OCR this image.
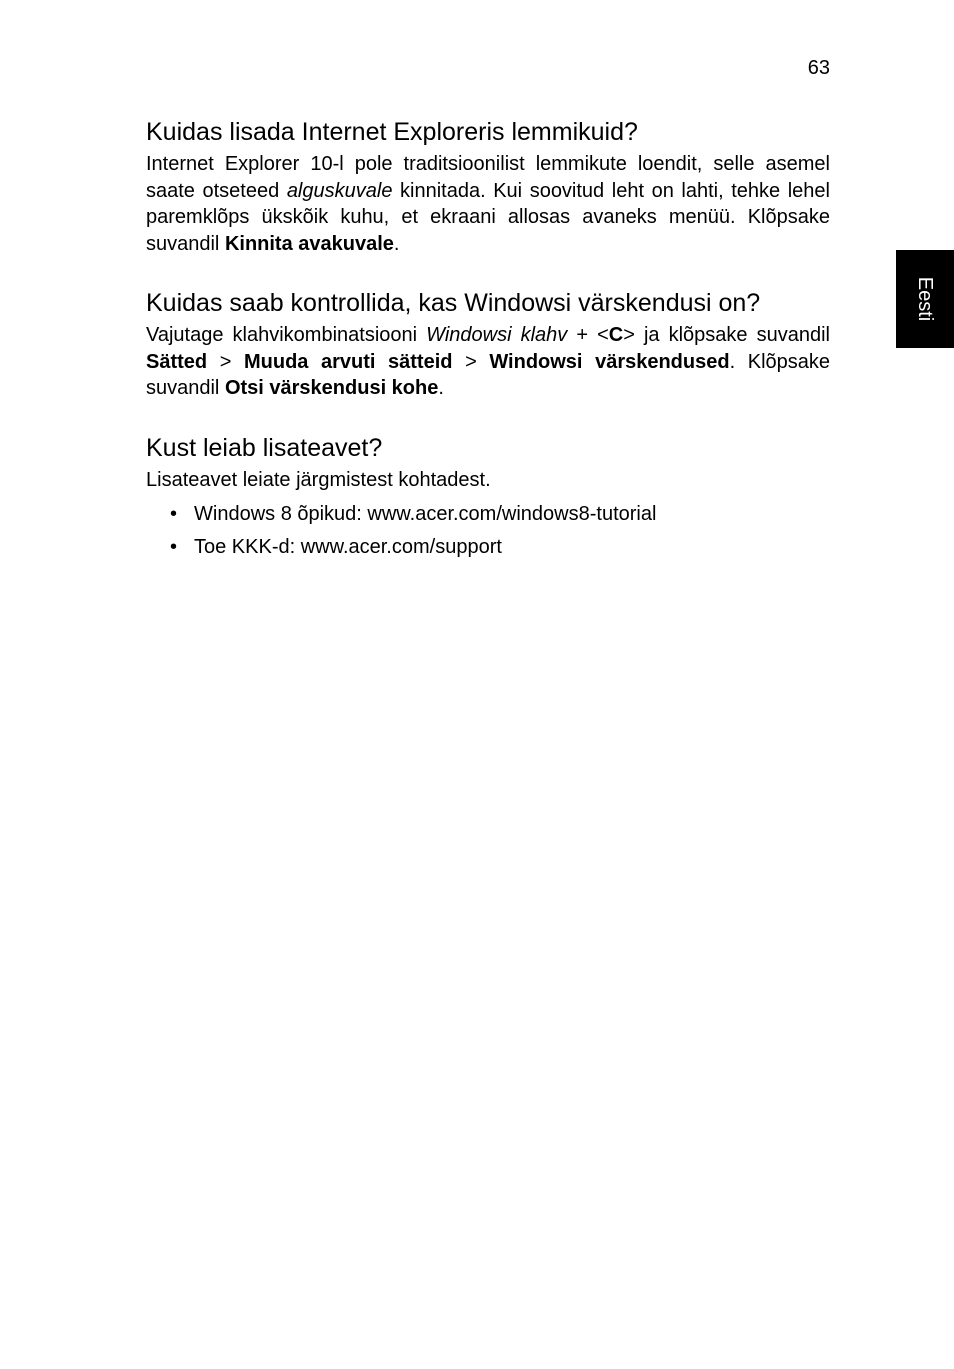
63
Eesti
Kuidas lisada Internet Exploreris lemmikuid?

Internet Explorer 10-l pole traditsioonilist lemmikute loendit, selle asemel saate otseteed alguskuvale kinnitada. Kui soovitud leht on lahti, tehke lehel paremklõps ükskõik kuhu, et ekraani allosas avaneks menüü. Klõpsake suvandil Kinnita avakuvale.

Kuidas saab kontrollida, kas Windowsi värskendusi on?

Vajutage klahvikombinatsiooni Windowsi klahv + <C> ja klõpsake suvandil Sätted > Muuda arvuti sätteid > Windowsi värskendused. Klõpsake suvandil Otsi värskendusi kohe.

Kust leiab lisateavet?

Lisateavet leiate järgmistest kohtadest.

• Windows 8 õpikud: www.acer.com/windows8-tutorial
• Toe KKK-d: www.acer.com/support
